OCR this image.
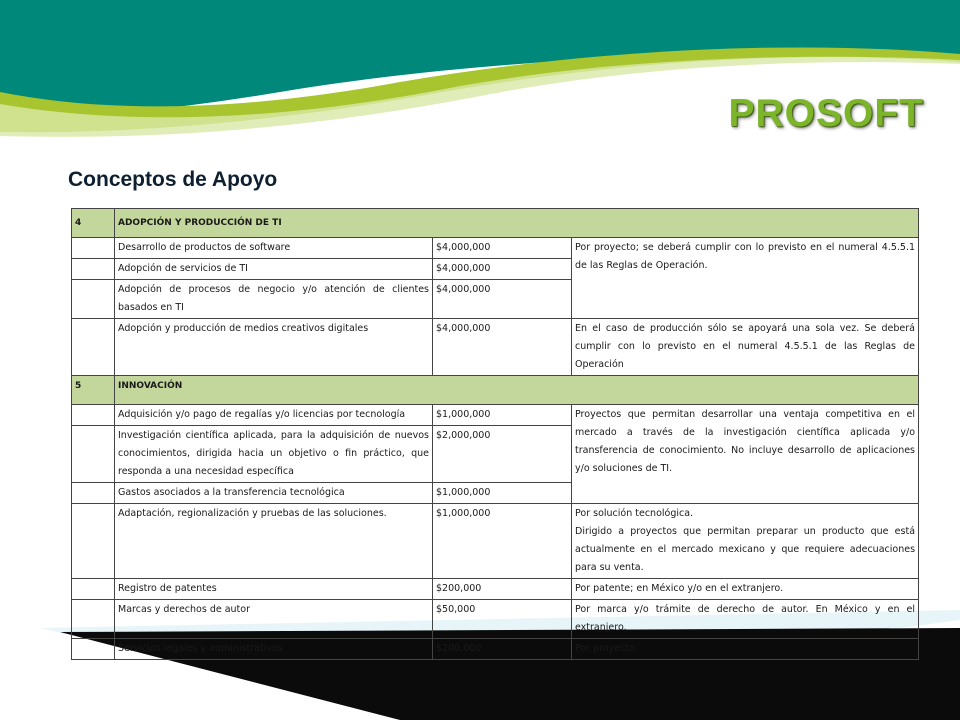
PROSOFT
Conceptos de Apoyo
4	ADOPCIÓN Y PRODUCCIÓN DE TI		
	Desarrollo de productos de software	$4,000,000	Por proyecto; se deberá cumplir con lo previsto en el numeral 4.5.5.1 de las Reglas de Operación.
	Adopción de servicios de TI	$4,000,000	
	Adopción de procesos de negocio y/o atención de clientes basados en TI	$4,000,000	
	Adopción y producción de medios creativos digitales	$4,000,000	En el caso de producción sólo se apoyará una sola vez. Se deberá cumplir con lo previsto en el numeral 4.5.5.1 de las Reglas de Operación
5	INNOVACIÓN		
	Adquisición y/o pago de regalías y/o licencias por tecnología	$1,000,000	Proyectos que permitan desarrollar una ventaja competitiva en el mercado a través de la investigación científica aplicada y/o transferencia de conocimiento. No incluye desarrollo de aplicaciones y/o soluciones de TI.
	Investigación científica aplicada, para la adquisición de nuevos conocimientos, dirigida hacia un objetivo o fin práctico, que responda a una necesidad específica	$2,000,000	
	Gastos asociados a la transferencia tecnológica	$1,000,000	
	Adaptación, regionalización y pruebas de las soluciones.	$1,000,000	Por solución tecnológica.
Dirigido a proyectos que permitan preparar un producto que está actualmente en el mercado mexicano y que requiere adecuaciones para su venta.

	Registro de patentes	$200,000	Por patente; en México y/o en el extranjero.
	Marcas y derechos de autor	$50,000	Por marca y/o trámite de derecho de autor. En México y en el extranjero.
	Servicios legales y administrativos	$200,000	Por proyecto.
